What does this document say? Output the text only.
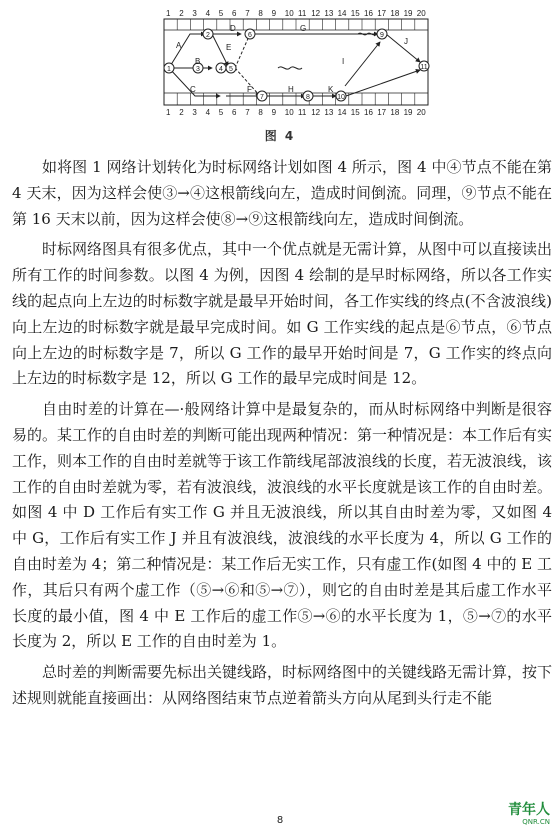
1 2 3 4 5 6 7 8 9 10 11 12 13 14 15 16 17 18 19 20
1 2 3 4 5 6 7 8 9 10 11 12 13 14 15 16 17 18 19 20
1
2
3	4 5
6
7	8
9
10
11
A
B
C
D
E
F
G
H
I
J
K
图 4

如将图 1 网络计划转化为时标网络计划如图 4 所示，图 4 中④节点不能在第 4 天末，因为这样会使③→④这根箭线向左，造成时间倒流。同理，⑨节点不能在第 16 天末以前，因为这样会使⑧→⑨这根箭线向左，造成时间倒流。

时标网络图具有很多优点，其中一个优点就是无需计算，从图中可以直接读出所有工作的时间参数。以图 4 为例，因图 4 绘制的是早时标网络，所以各工作实线的起点向上左边的时标数字就是最早开始时间，各工作实线的终点(不含波浪线)向上左边的时标数字就是最早完成时间。如 G 工作实线的起点是⑥节点，⑥节点向上左边的时标数字是 7，所以 G 工作的最早开始时间是 7，G 工作实的终点向上左边的时标数字是 12，所以 G 工作的最早完成时间是 12。

自由时差的计算在—·般网络计算中是最复杂的，而从时标网络中判断是很容易的。某工作的自由时差的判断可能出现两种情况：第一种情况是：本工作后有实工作，则本工作的自由时差就等于该工作箭线尾部波浪线的长度，若无波浪线，该工作的自由时差就为零，若有波浪线，波浪线的水平长度就是该工作的自由时差。如图 4 中 D 工作后有实工作 G 并且无波浪线，所以其自由时差为零，又如图 4 中 G，工作后有实工作 J 并且有波浪线，波浪线的水平长度为 4，所以 G 工作的自由时差为 4；第二种情况是：某工作后无实工作，只有虚工作(如图 4 中的 E 工作，其后只有两个虚工作（⑤→⑥和⑤→⑦），则它的自由时差是其后虚工作水平长度的最小值，图 4 中 E 工作后的虚工作⑤→⑥的水平长度为 1，⑤→⑦的水平长度为 2，所以 E 工作的自由时差为 1。

总时差的判断需要先标出关键线路，时标网络图中的关键线路无需计算，按下述规则就能直接画出：从网络图结束节点逆着箭头方向从尾到头行走不能

8
青年人
QNR.CN
